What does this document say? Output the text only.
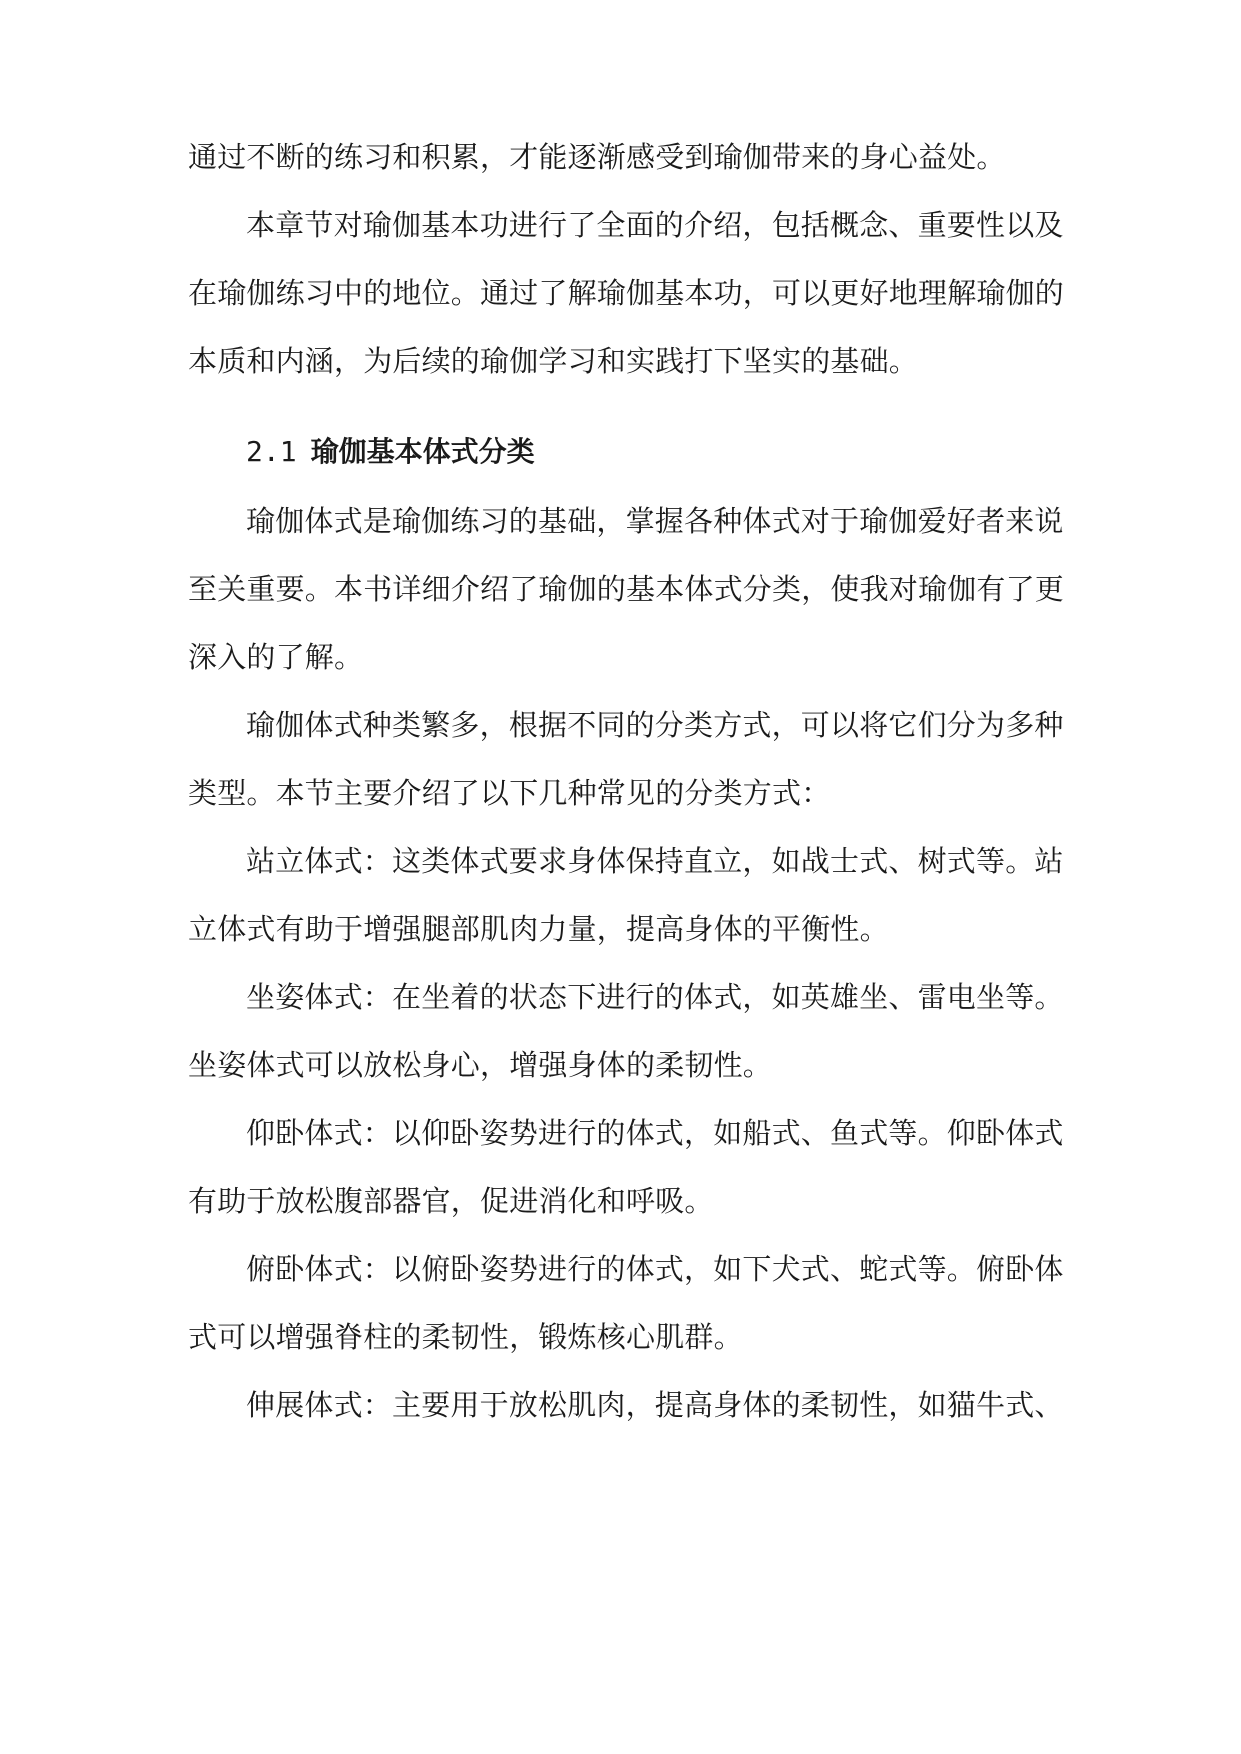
通过不断的练习和积累，才能逐渐感受到瑜伽带来的身心益处。
本章节对瑜伽基本功进行了全面的介绍，包括概念、重要性以及
在瑜伽练习中的地位。通过了解瑜伽基本功，可以更好地理解瑜伽的
本质和内涵，为后续的瑜伽学习和实践打下坚实的基础。
2.1 瑜伽基本体式分类
瑜伽体式是瑜伽练习的基础，掌握各种体式对于瑜伽爱好者来说
至关重要。本书详细介绍了瑜伽的基本体式分类，使我对瑜伽有了更
深入的了解。
瑜伽体式种类繁多，根据不同的分类方式，可以将它们分为多种
类型。本节主要介绍了以下几种常见的分类方式：
站立体式：这类体式要求身体保持直立，如战士式、树式等。站
立体式有助于增强腿部肌肉力量，提高身体的平衡性。
坐姿体式：在坐着的状态下进行的体式，如英雄坐、雷电坐等。
坐姿体式可以放松身心，增强身体的柔韧性。
仰卧体式：以仰卧姿势进行的体式，如船式、鱼式等。仰卧体式
有助于放松腹部器官，促进消化和呼吸。
俯卧体式：以俯卧姿势进行的体式，如下犬式、蛇式等。俯卧体
式可以增强脊柱的柔韧性，锻炼核心肌群。
伸展体式：主要用于放松肌肉，提高身体的柔韧性，如猫牛式、
